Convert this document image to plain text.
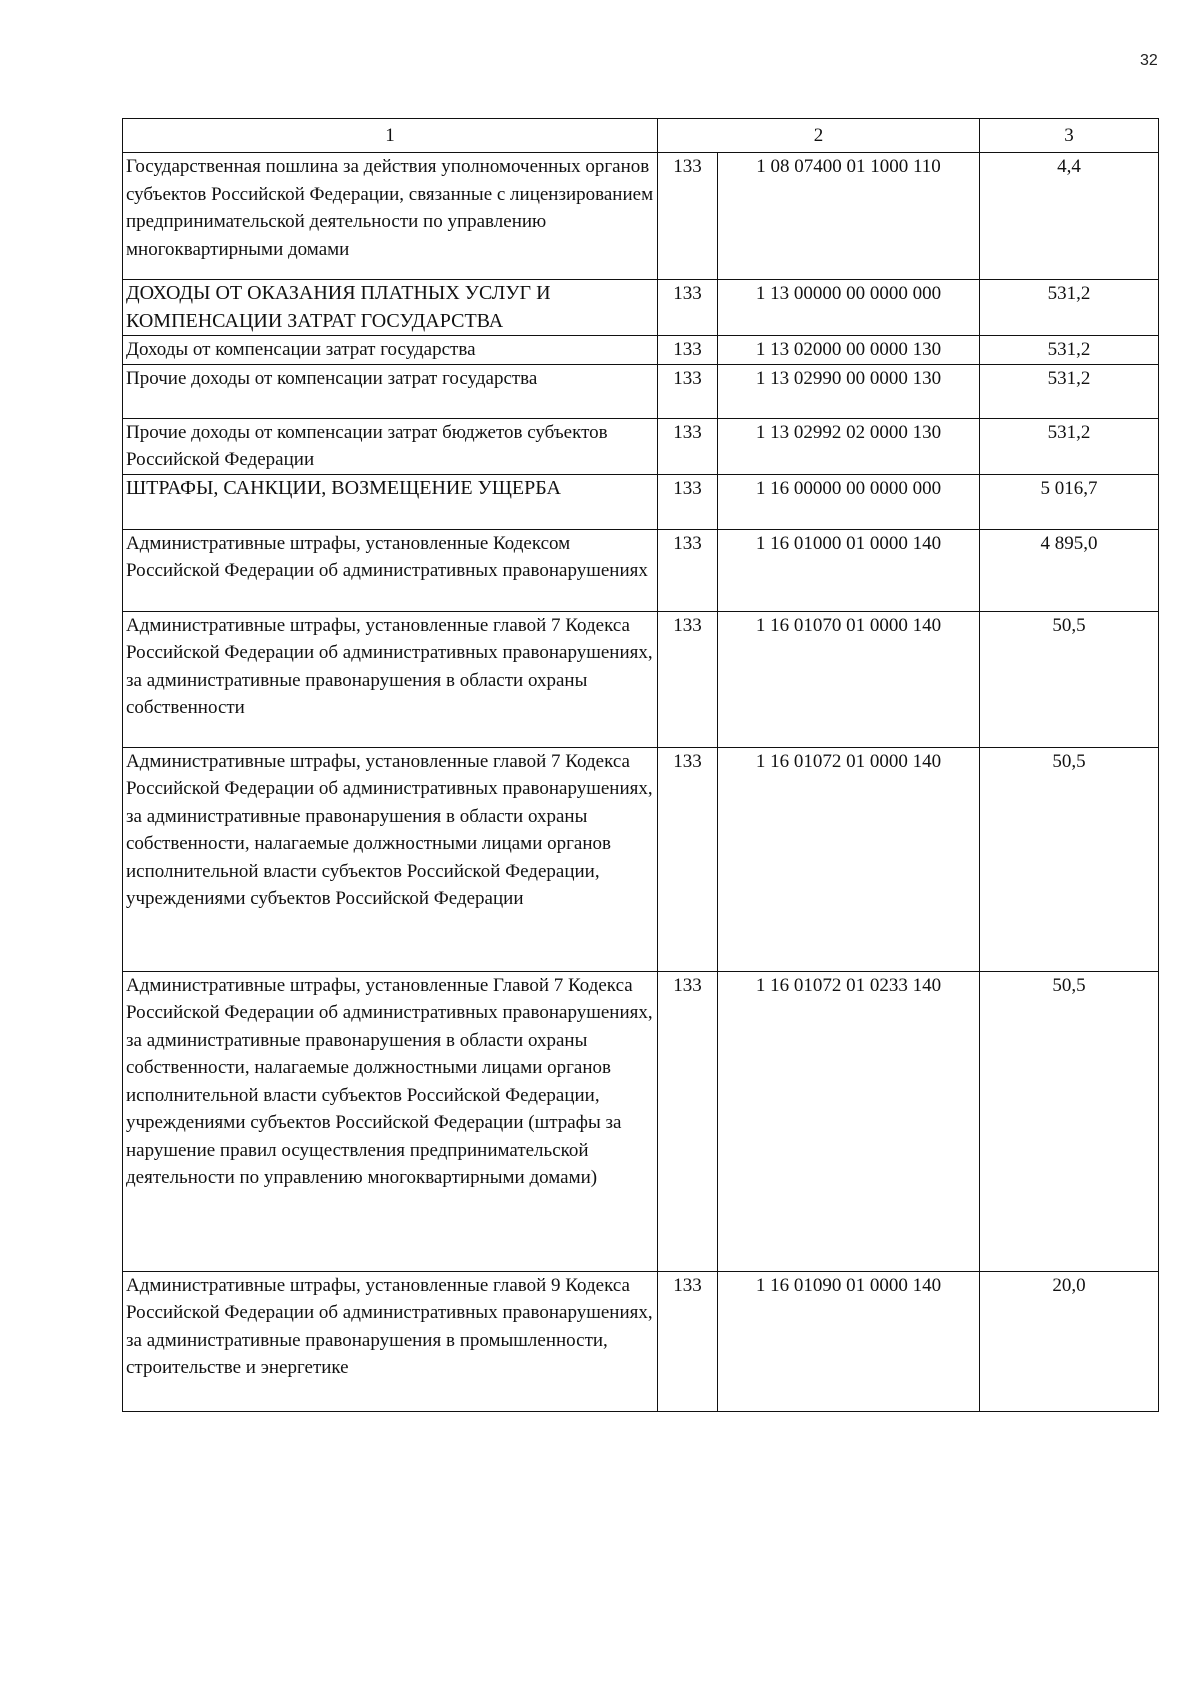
32
1	2		3
Государственная пошлина за действия уполномоченных органов субъектов Российской Федерации, связанные с лицензированием предпринимательской деятельности по управлению многоквартирными домами	133	1 08 07400 01 1000 110	4,4
ДОХОДЫ ОТ ОКАЗАНИЯ ПЛАТНЫХ УСЛУГ И КОМПЕНСАЦИИ ЗАТРАТ ГОСУДАРСТВА	133	1 13 00000 00 0000 000	531,2
Доходы от компенсации затрат государства	133	1 13 02000 00 0000 130	531,2
Прочие доходы от компенсации затрат государства	133	1 13 02990 00 0000 130	531,2
Прочие доходы от компенсации затрат бюджетов субъектов Российской Федерации	133	1 13 02992 02 0000 130	531,2
ШТРАФЫ, САНКЦИИ, ВОЗМЕЩЕНИЕ УЩЕРБА	133	1 16 00000 00 0000 000	5 016,7
Административные штрафы, установленные Кодексом Российской Федерации об административных правонарушениях	133	1 16 01000 01 0000 140	4 895,0
Административные штрафы, установленные главой 7 Кодекса Российской Федерации об административных правонарушениях, за административные правонарушения в области охраны собственности	133	1 16 01070 01 0000 140	50,5
Административные штрафы, установленные главой 7 Кодекса Российской Федерации об административных правонарушениях, за административные правонарушения в области охраны собственности, налагаемые должностными лицами органов исполнительной власти субъектов Российской Федерации, учреждениями субъектов Российской Федерации	133	1 16 01072 01 0000 140	50,5
Административные штрафы, установленные Главой 7 Кодекса Российской Федерации об административных правонарушениях, за административные правонарушения в области охраны собственности, налагаемые должностными лицами органов исполнительной власти субъектов Российской Федерации, учреждениями субъектов Российской Федерации (штрафы за нарушение правил осуществления предпринимательской деятельности по управлению многоквартирными домами)	133	1 16 01072 01 0233 140	50,5
Административные штрафы, установленные главой 9 Кодекса Российской Федерации об административных правонарушениях, за административные правонарушения в промышленности, строительстве и энергетике	133	1 16 01090 01 0000 140	20,0
